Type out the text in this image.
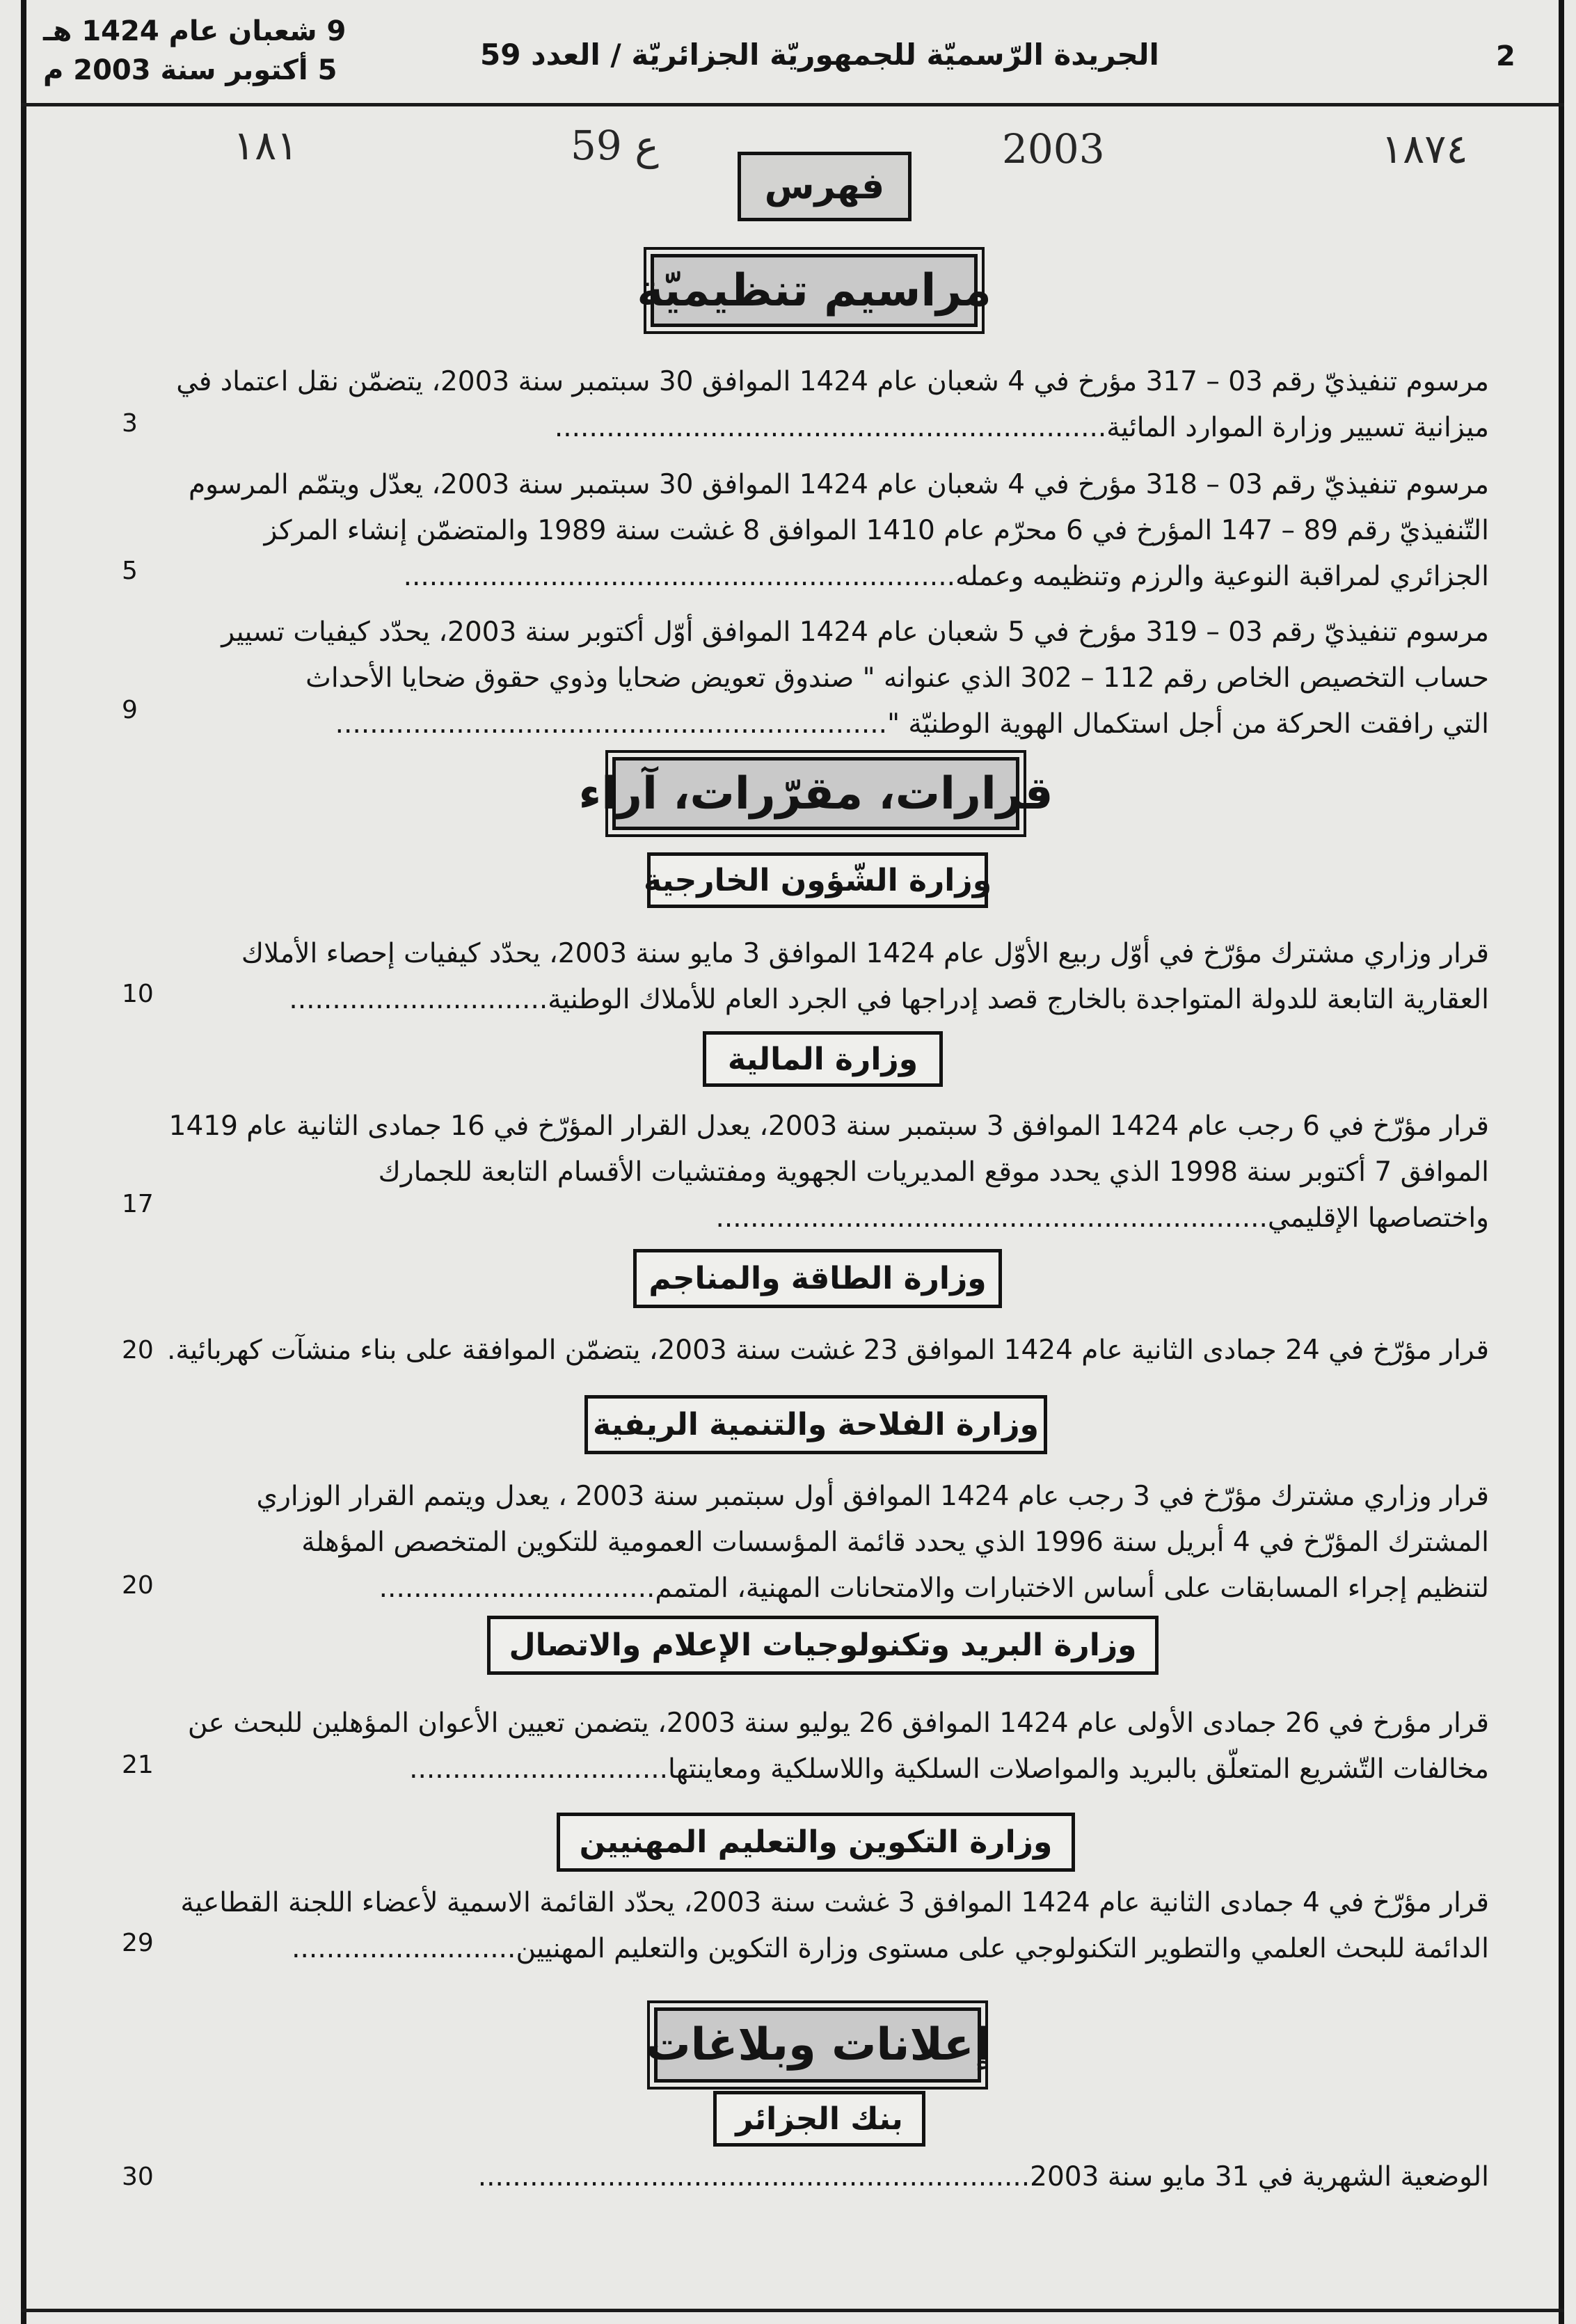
2
الجريدة الرّسميّة للجمهوريّة الجزائريّة / العدد 59
9 شعبان عام 1424 هـ
5 أكتوبر سنة 2003 م
١٨١	59 ع	2003	١٨٧٤
فهرس
مراسيم تنظيميّة
مرسوم تنفيذيّ رقم 03 – 317 مؤرخ في 4 شعبان عام 1424 الموافق 30 سبتمبر سنة 2003، يتضمّن نقل اعتماد في
ميزانية تسيير وزارة الموارد المائية................................................................
3
مرسوم تنفيذيّ رقم 03 – 318 مؤرخ في 4 شعبان عام 1424 الموافق 30 سبتمبر سنة 2003، يعدّل ويتمّم المرسوم
التّنفيذيّ رقم 89 – 147 المؤرخ في 6 محرّم عام 1410 الموافق 8 غشت سنة 1989 والمتضمّن إنشاء المركز
الجزائري لمراقبة النوعية والرزم وتنظيمه وعمله................................................................
5
مرسوم تنفيذيّ رقم 03 – 319 مؤرخ في 5 شعبان عام 1424 الموافق أوّل أكتوبر سنة 2003، يحدّد كيفيات تسيير
حساب التخصيص الخاص رقم 112 – 302 الذي عنوانه " صندوق تعويض ضحايا وذوي حقوق ضحايا الأحداث
التي رافقت الحركة من أجل استكمال الهوية الوطنيّة "................................................................
9
قرارات، مقرّرات، آراء
وزارة الشّؤون الخارجية
قرار وزاري مشترك مؤرّخ في أوّل ربيع الأوّل عام 1424 الموافق 3 مايو سنة 2003، يحدّد كيفيات إحصاء الأملاك
العقارية التابعة للدولة المتواجدة بالخارج قصد إدراجها في الجرد العام للأملاك الوطنية..............................
10
وزارة المالية
قرار مؤرّخ في 6 رجب عام 1424 الموافق 3 سبتمبر سنة 2003، يعدل القرار المؤرّخ في 16 جمادى الثانية عام 1419
الموافق 7 أكتوبر سنة 1998 الذي يحدد موقع المديريات الجهوية ومفتشيات الأقسام التابعة للجمارك
واختصاصها الإقليمي................................................................
17
وزارة الطاقة والمناجم
قرار مؤرّخ في 24 جمادى الثانية عام 1424 الموافق 23 غشت سنة 2003، يتضمّن الموافقة على بناء منشآت كهربائية.
20
وزارة الفلاحة والتنمية الريفية
قرار وزاري مشترك مؤرّخ في 3 رجب عام 1424 الموافق أول سبتمبر سنة 2003 ، يعدل ويتمم القرار الوزاري
المشترك المؤرّخ في 4 أبريل سنة 1996 الذي يحدد قائمة المؤسسات العمومية للتكوين المتخصص المؤهلة
لتنظيم إجراء المسابقات على أساس الاختبارات والامتحانات المهنية، المتمم................................
20
وزارة البريد وتكنولوجيات الإعلام والاتصال
قرار مؤرخ في 26 جمادى الأولى عام 1424 الموافق 26 يوليو سنة 2003، يتضمن تعيين الأعوان المؤهلين للبحث عن
مخالفات التّشريع المتعلّق بالبريد والمواصلات السلكية واللاسلكية ومعاينتها..............................
21
وزارة التكوين والتعليم المهنيين
قرار مؤرّخ في 4 جمادى الثانية عام 1424 الموافق 3 غشت سنة 2003، يحدّد القائمة الاسمية لأعضاء اللجنة القطاعية
الدائمة للبحث العلمي والتطوير التكنولوجي على مستوى وزارة التكوين والتعليم المهنيين..........................
29
إعلانات وبلاغات
بنك الجزائر
الوضعية الشهرية في 31 مايو سنة 2003................................................................
30
